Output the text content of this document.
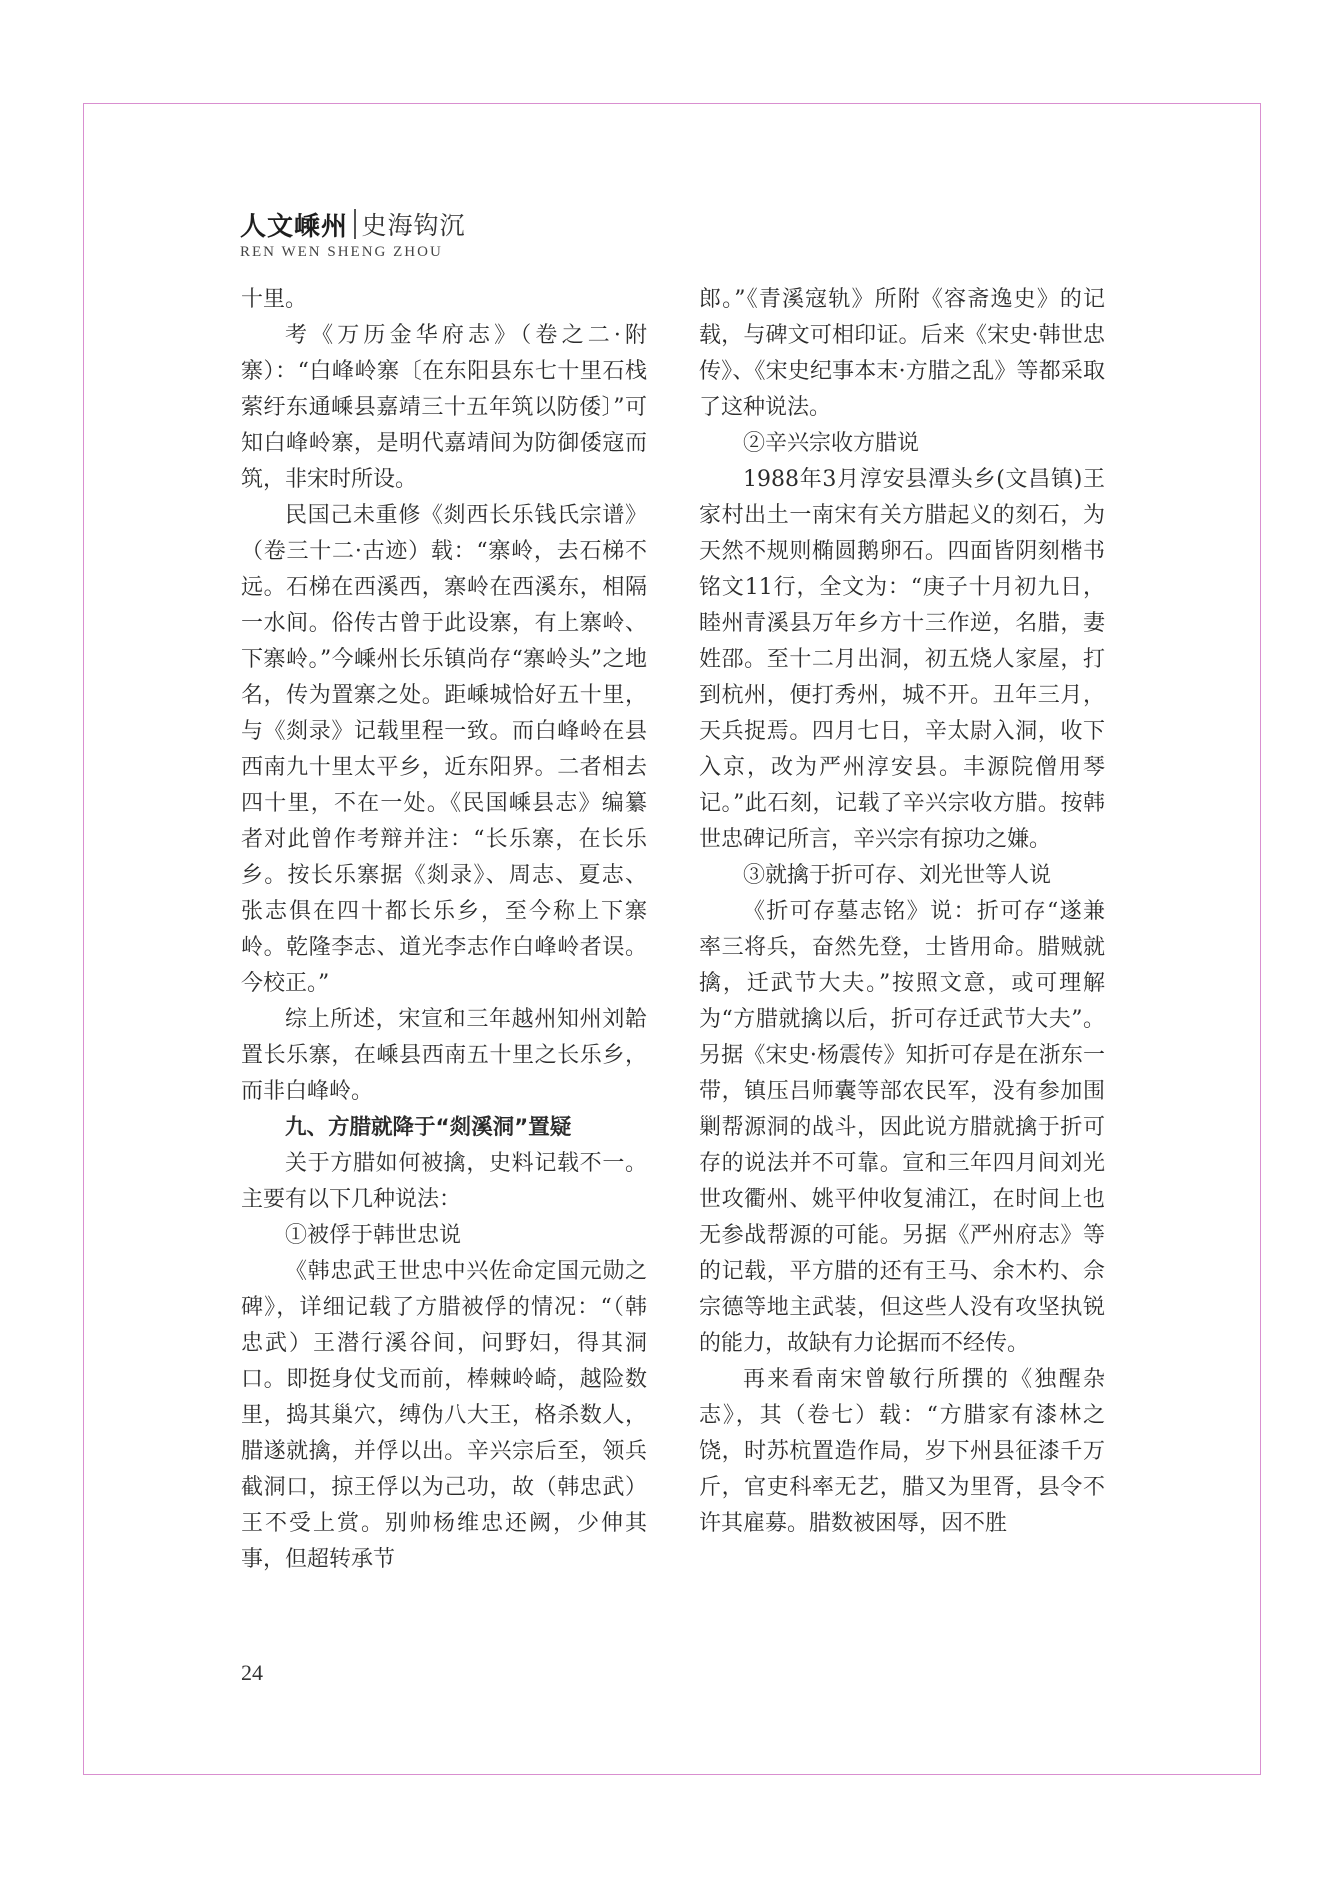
人文嵊州 史海钩沉
REN WEN SHENG ZHOU

十里。

考《万历金华府志》（卷之二·附寨）：“白峰岭寨〔在东阳县东七十里石栈萦纡东通嵊县嘉靖三十五年筑以防倭〕”可知白峰岭寨，是明代嘉靖间为防御倭寇而筑，非宋时所设。

民国己未重修《剡西长乐钱氏宗谱》（卷三十二·古迹）载：“寨岭，去石梯不远。石梯在西溪西，寨岭在西溪东，相隔一水间。俗传古曾于此设寨，有上寨岭、下寨岭。”今嵊州长乐镇尚存“寨岭头”之地名，传为置寨之处。距嵊城恰好五十里，与《剡录》记载里程一致。而白峰岭在县西南九十里太平乡，近东阳界。二者相去四十里，不在一处。《民国嵊县志》编纂者对此曾作考辩并注：“长乐寨，在长乐乡。按长乐寨据《剡录》、周志、夏志、张志俱在四十都长乐乡，至今称上下寨岭。乾隆李志、道光李志作白峰岭者误。今校正。”

综上所述，宋宣和三年越州知州刘韐置长乐寨，在嵊县西南五十里之长乐乡，而非白峰岭。

九、方腊就降于“剡溪洞”置疑

关于方腊如何被擒，史料记载不一。主要有以下几种说法：

①被俘于韩世忠说

《韩忠武王世忠中兴佐命定国元勋之碑》，详细记载了方腊被俘的情况：“（韩忠武）王潜行溪谷间，问野妇，得其洞口。即挺身仗戈而前，棒棘岭崎，越险数里，捣其巢穴，缚伪八大王，格杀数人，腊遂就擒，并俘以出。辛兴宗后至，领兵截洞口，掠王俘以为己功，故（韩忠武）王不受上赏。别帅杨维忠还阙，少伸其事，但超转承节

郎。”《青溪寇轨》所附《容斋逸史》的记载，与碑文可相印证。后来《宋史·韩世忠传》、《宋史纪事本末·方腊之乱》等都采取了这种说法。

②辛兴宗收方腊说

1988年3月淳安县潭头乡(文昌镇)王家村出土一南宋有关方腊起义的刻石，为天然不规则椭圆鹅卵石。四面皆阴刻楷书铭文11行，全文为：“庚子十月初九日，睦州青溪县万年乡方十三作逆，名腊，妻姓邵。至十二月出洞，初五烧人家屋，打到杭州，便打秀州，城不开。丑年三月，天兵捉焉。四月七日，辛太尉入洞，收下入京，改为严州淳安县。丰源院僧用琴记。”此石刻，记载了辛兴宗收方腊。按韩世忠碑记所言，辛兴宗有掠功之嫌。

③就擒于折可存、刘光世等人说

《折可存墓志铭》说：折可存“遂兼率三将兵，奋然先登，士皆用命。腊贼就擒，迁武节大夫。”按照文意，或可理解为“方腊就擒以后，折可存迁武节大夫”。另据《宋史·杨震传》知折可存是在浙东一带，镇压吕师囊等部农民军，没有参加围剿帮源洞的战斗，因此说方腊就擒于折可存的说法并不可靠。宣和三年四月间刘光世攻衢州、姚平仲收复浦江，在时间上也无参战帮源的可能。另据《严州府志》等的记载，平方腊的还有王马、余木杓、佘宗德等地主武装，但这些人没有攻坚执锐的能力，故缺有力论据而不经传。

再来看南宋曾敏行所撰的《独醒杂志》，其（卷七）载：“方腊家有漆林之饶，时苏杭置造作局，岁下州县征漆千万斤，官吏科率无艺，腊又为里胥，县令不许其雇募。腊数被困辱，因不胜

24
